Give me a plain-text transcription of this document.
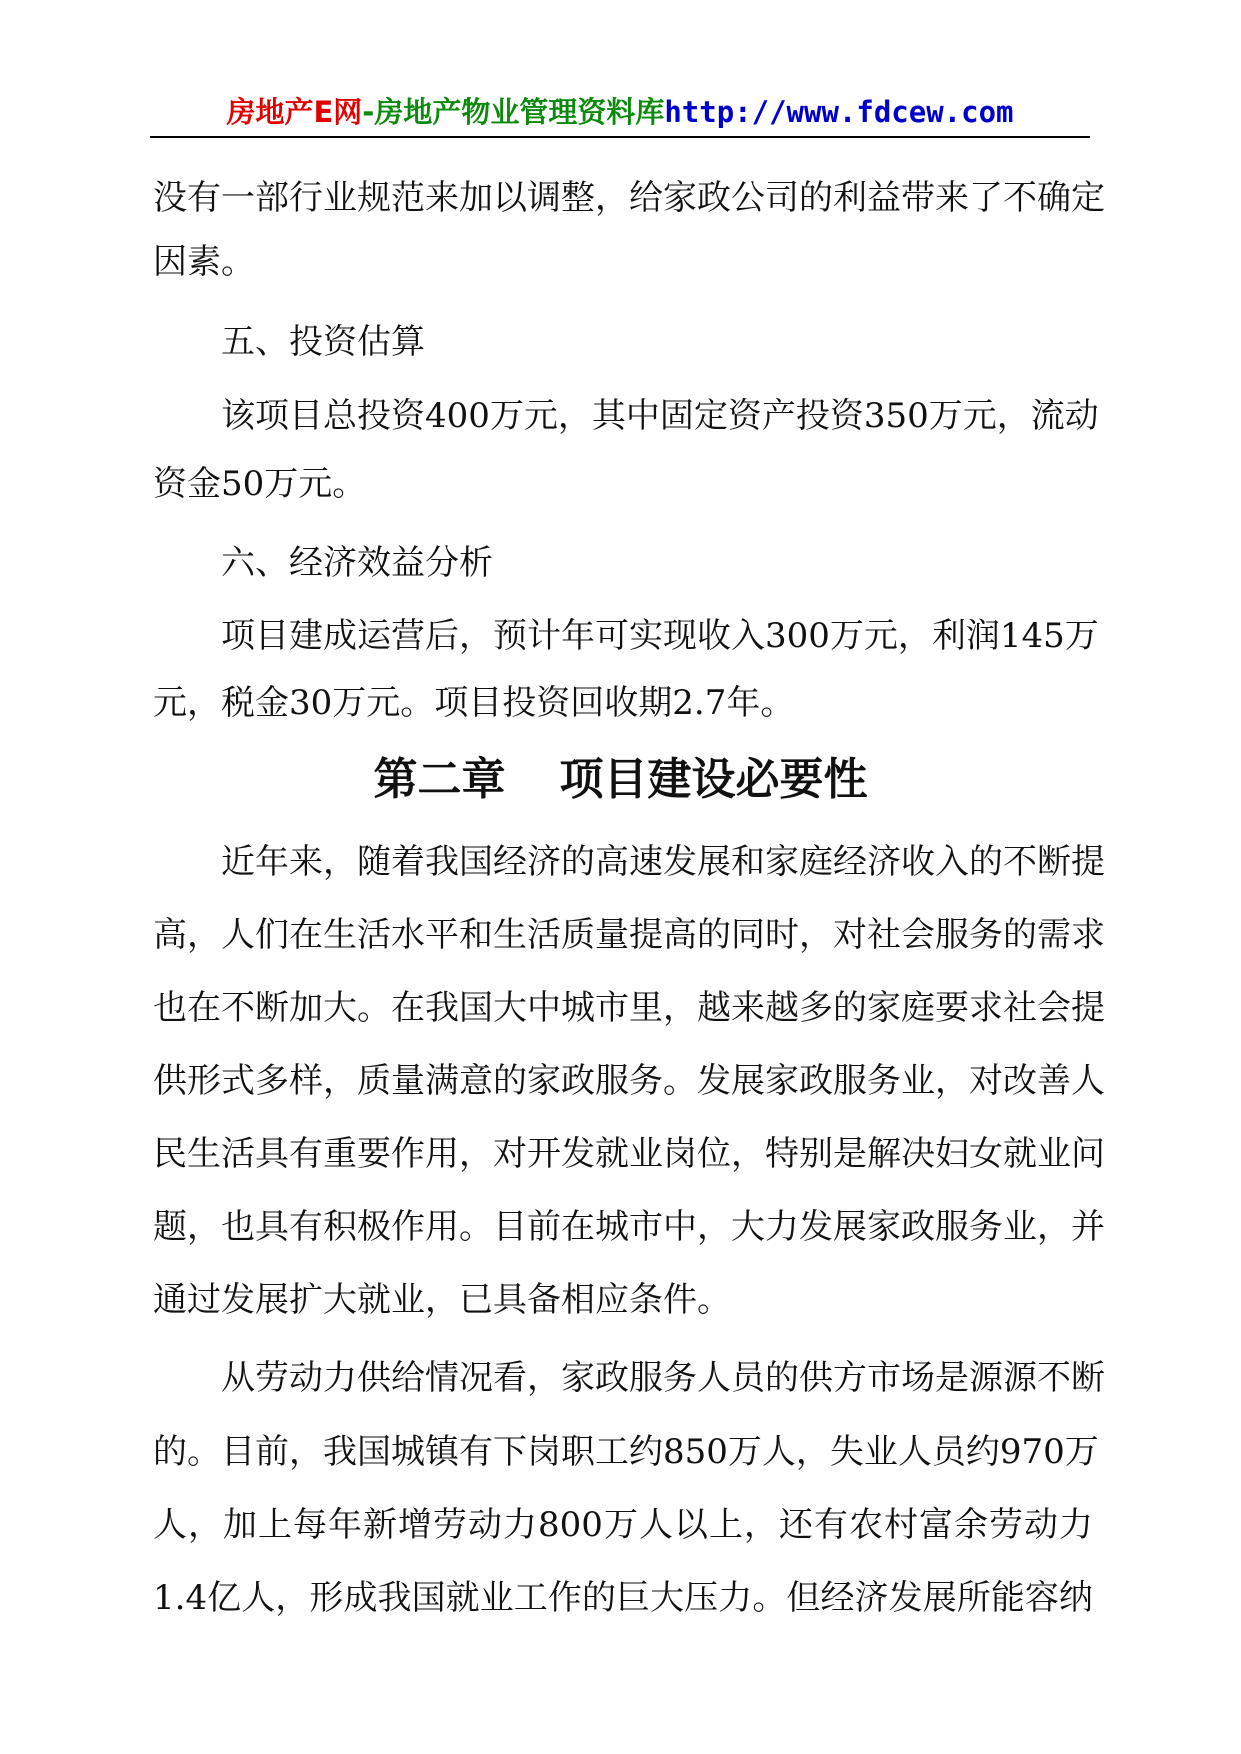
房地产E网-房地产物业管理资料库http://www.fdcew.com
没有一部行业规范来加以调整，给家政公司的利益带来了不确定
因素。
五、投资估算
该项目总投资400万元，其中固定资产投资350万元，流动
资金50万元。
六、经济效益分析
项目建成运营后，预计年可实现收入300万元，利润145万
元，税金30万元。项目投资回收期2.7年。
第二章 项目建设必要性
近年来，随着我国经济的高速发展和家庭经济收入的不断提
高，人们在生活水平和生活质量提高的同时，对社会服务的需求
也在不断加大。在我国大中城市里，越来越多的家庭要求社会提
供形式多样，质量满意的家政服务。发展家政服务业，对改善人
民生活具有重要作用，对开发就业岗位，特别是解决妇女就业问
题，也具有积极作用。目前在城市中，大力发展家政服务业，并
通过发展扩大就业，已具备相应条件。
从劳动力供给情况看，家政服务人员的供方市场是源源不断
的。目前，我国城镇有下岗职工约850万人，失业人员约970万
人，加上每年新增劳动力800万人以上，还有农村富余劳动力
1.4亿人，形成我国就业工作的巨大压力。但经济发展所能容纳
